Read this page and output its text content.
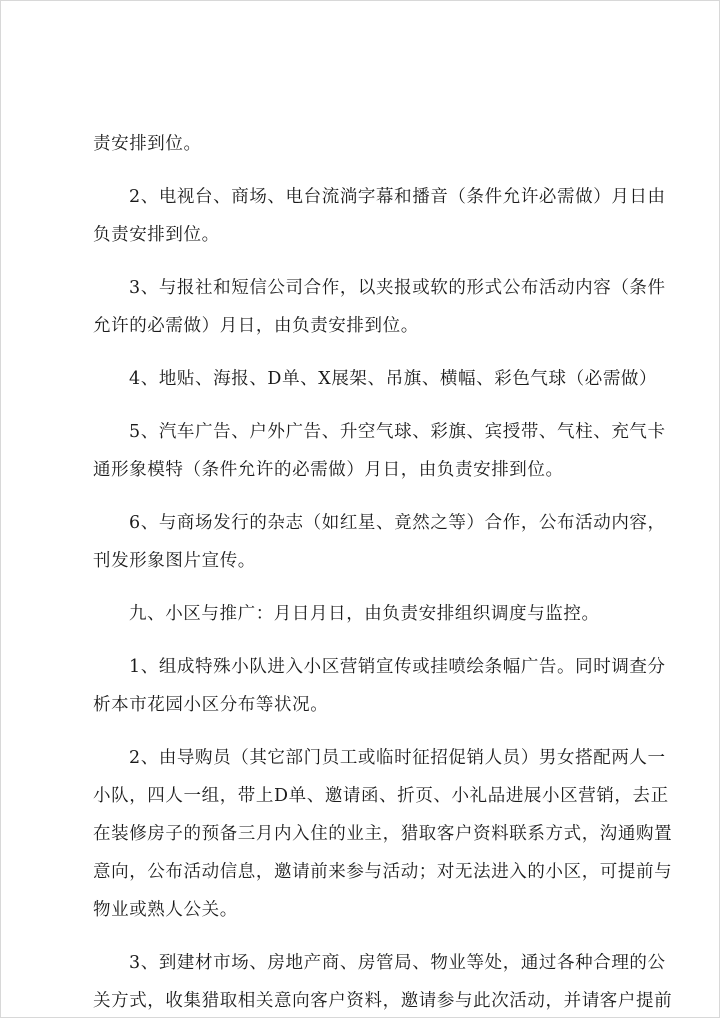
责安排到位。

2、电视台、商场、电台流淌字幕和播音（条件允许必需做）月日由
负责安排到位。

3、与报社和短信公司合作，以夹报或软的形式公布活动内容（条件
允许的必需做）月日，由负责安排到位。

4、地贴、海报、D单、X展架、吊旗、横幅、彩色气球（必需做）

5、汽车广告、户外广告、升空气球、彩旗、宾授带、气柱、充气卡
通形象模特（条件允许的必需做）月日，由负责安排到位。

6、与商场发行的杂志（如红星、竟然之等）合作，公布活动内容，
刊发形象图片宣传。

九、小区与推广：月日月日，由负责安排组织调度与监控。

1、组成特殊小队进入小区营销宣传或挂喷绘条幅广告。同时调查分
析本市花园小区分布等状况。

2、由导购员（其它部门员工或临时征招促销人员）男女搭配两人一
小队，四人一组，带上D单、邀请函、折页、小礼品进展小区营销，去正
在装修房子的预备三月内入住的业主，猎取客户资料联系方式，沟通购置
意向，公布活动信息，邀请前来参与活动；对无法进入的小区，可提前与
物业或熟人公关。

3、到建材市场、房地产商、房管局、物业等处，通过各种合理的公
关方式，收集猎取相关意向客户资料，邀请参与此次活动，并请客户提前
